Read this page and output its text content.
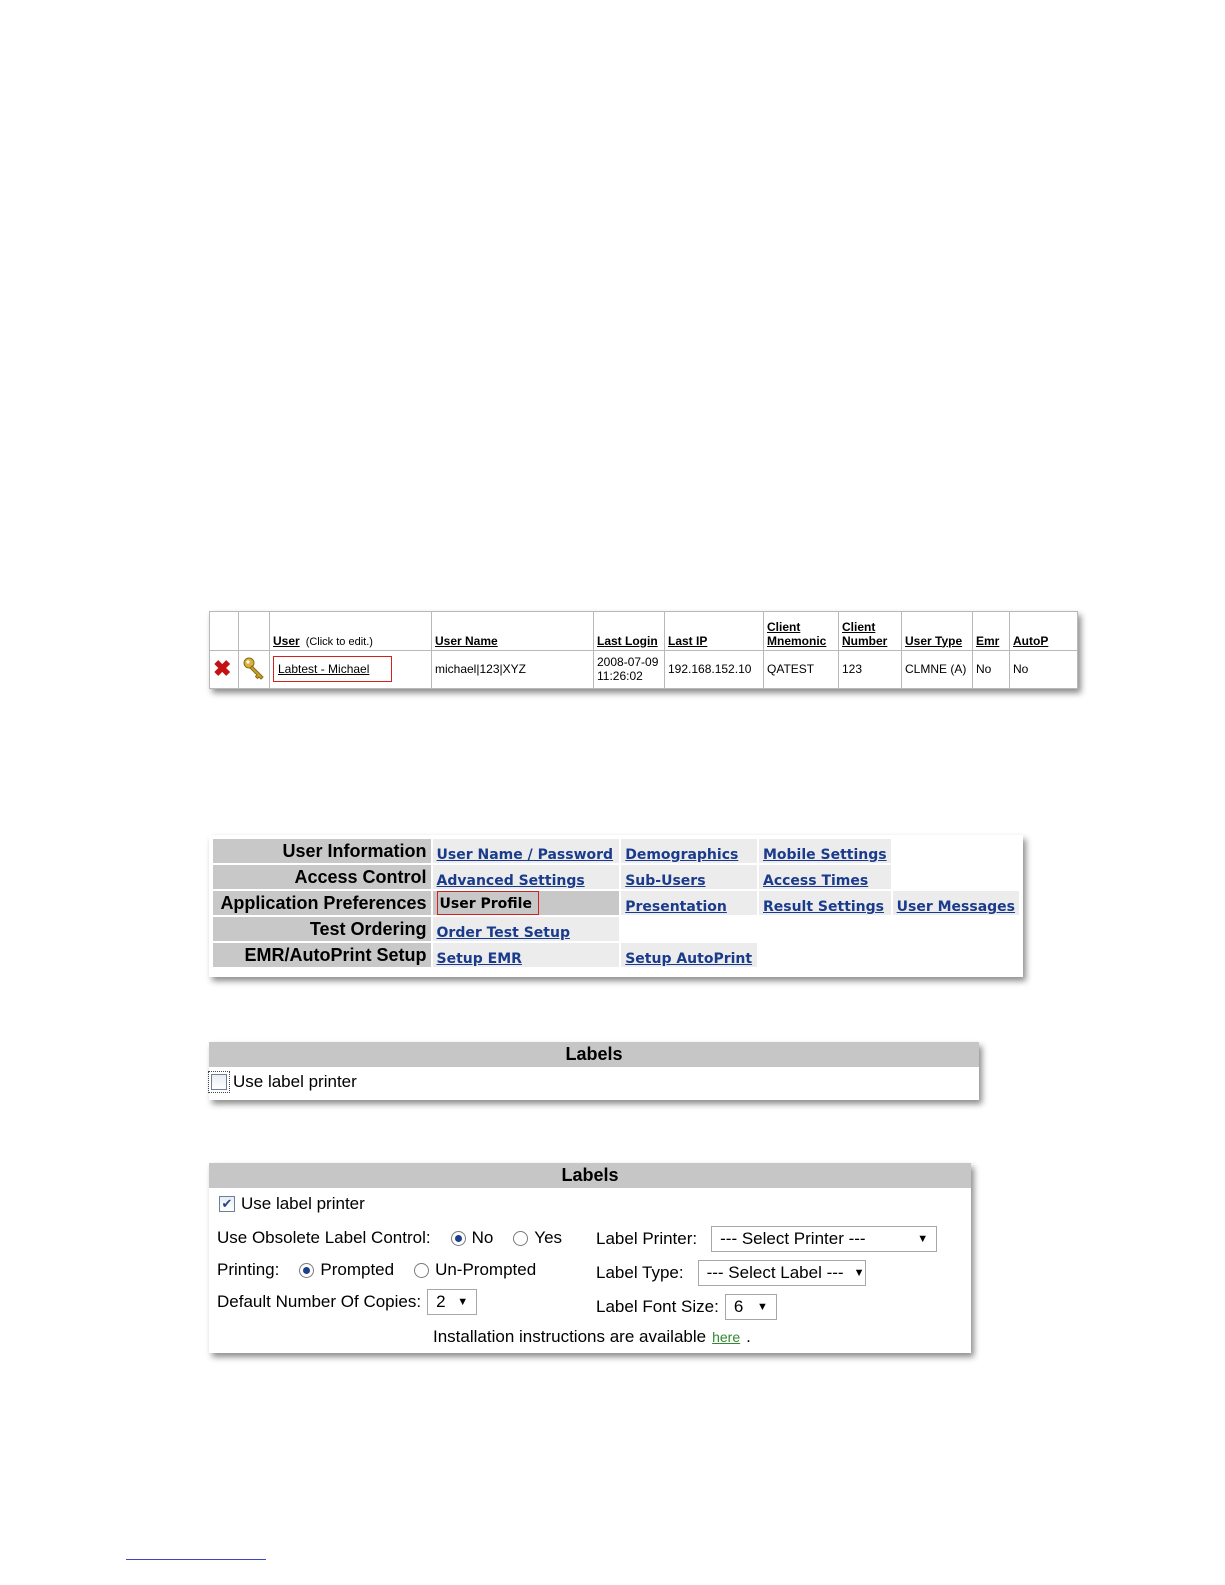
		User (Click to edit.)	User Name	Last Login	Last IP	Client Mnemonic	Client Number	User Type	Emr	AutoP
✖		Labtest - Michael	michael|123|XYZ	2008-07-09 11:26:02	192.168.152.10	QATEST	123	CLMNE (A)	No	No
User Information	User Name / Password	Demographics	Mobile Settings	
Access Control	Advanced Settings	Sub-Users	Access Times	
Application Preferences	User Profile	Presentation	Result Settings	User Messages
Test Ordering	Order Test Setup			
EMR/AutoPrint Setup	Setup EMR	Setup AutoPrint		
Labels
Use label printer
Labels
✔ Use label printer
Use Obsolete Label Control: No Yes
Printing: Prompted Un-Prompted
Default Number Of Copies: 2 ▼
Label Printer: --- Select Printer ---	▼
Label Type: --- Select Label --- ▼
Label Font Size: 6 ▼
Installation instructions are available here .
